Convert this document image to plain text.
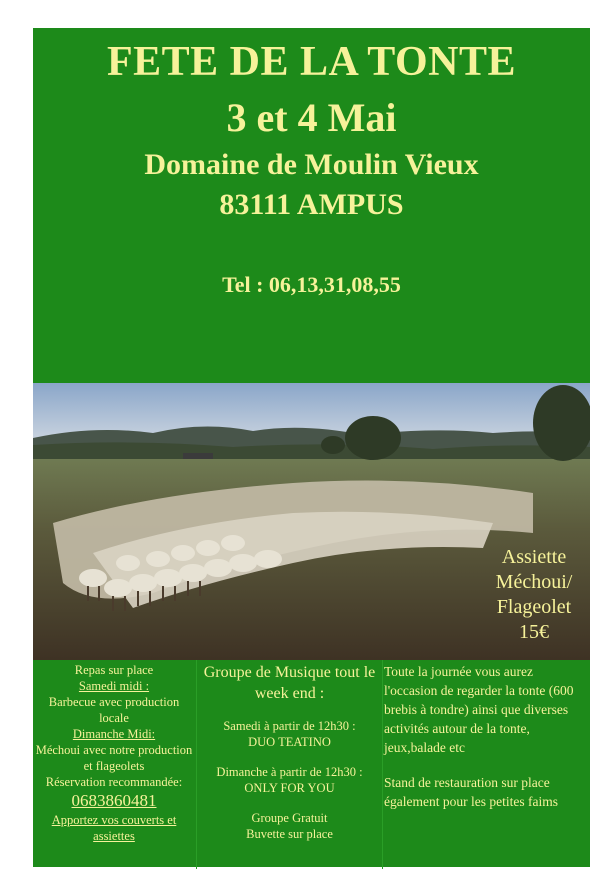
FETE DE LA TONTE
3 et 4 Mai
Domaine de Moulin Vieux
83111 AMPUS
Tel : 06,13,31,08,55
Assiette
Méchoui/
Flageolet
15€
Repas sur place
Samedi midi :
Barbecue avec production locale
Dimanche Midi:
Méchoui avec notre production et flageolets
Réservation recommandée:
0683860481
Apportez vos couverts et assiettes
Groupe de Musique tout le week end :
Samedi à partir de 12h30 :
DUO TEATINO
Dimanche à partir de 12h30 :
ONLY FOR YOU
Groupe Gratuit
Buvette sur place
Toute la journée vous aurez l'occasion de regarder la tonte (600 brebis à tondre) ainsi que diverses activités autour de la tonte, jeux,balade etc
Stand de restauration sur place également pour les petites faims
